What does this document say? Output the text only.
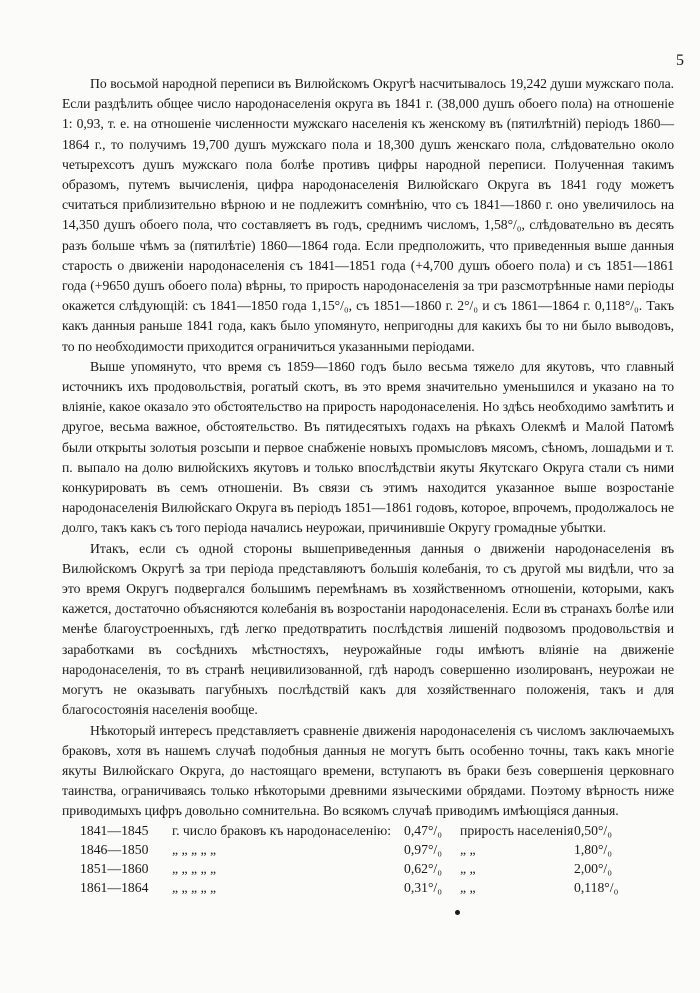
5

По восьмой народной переписи въ Вилюйскомъ Округѣ насчитывалось 19,242 души мужскаго пола. Если раздѣлить общее число народонаселенія округа въ 1841 г. (38,000 душъ обоего пола) на отношеніе 1: 0,93, т. е. на отношеніе численности мужскаго населенія къ женскому въ (пятилѣтній) періодъ 1860—1864 г., то получимъ 19,700 душъ мужскаго пола и 18,300 душъ женскаго пола, слѣдовательно около четырехсотъ душъ мужскаго пола болѣе противъ цифры народной переписи. Полученная такимъ образомъ, путемъ вычисленія, цифра народонаселенія Вилюйскаго Округа въ 1841 году можетъ считаться приблизительно вѣрною и не подлежитъ сомнѣнію, что съ 1841—1860 г. оно увеличилось на 14,350 душъ обоего пола, что составляетъ въ годъ, среднимъ числомъ, 1,58°/₀, слѣдовательно въ десять разъ больше чѣмъ за (пятилѣтіе) 1860—1864 года. Если предположить, что приведенныя выше данныя старость о движеніи народонаселенія съ 1841—1851 года (+4,700 душъ обоего пола) и съ 1851—1861 года (+9650 душъ обоего пола) вѣрны, то прирость народонаселенія за три разсмотрѣнные нами періоды окажется слѣдующій: съ 1841—1850 года 1,15°/₀, съ 1851—1860 г. 2°/₀ и съ 1861—1864 г. 0,118°/₀. Такъ какъ данныя раньше 1841 года, какъ было упомянуто, непригодны для какихъ бы то ни было выводовъ, то по необходимости приходится ограничиться указанными періодами.

Выше упомянуто, что время съ 1859—1860 годъ было весьма тяжело для якутовъ, что главный источникъ ихъ продовольствія, рогатый скотъ, въ это время значительно уменьшился и указано на то вліяніе, какое оказало это обстоятельство на прирость народонаселенія. Но здѣсь необходимо замѣтить и другое, весьма важное, обстоятельство. Въ пятидесятыхъ годахъ на рѣкахъ Олекмѣ и Малой Патомѣ были открыты золотыя розсыпи и первое снабженіе новыхъ промысловъ мясомъ, сѣномъ, лошадьми и т. п. выпало на долю вилюйскихъ якутовъ и только впослѣдствіи якуты Якутскаго Округа стали съ ними конкурировать въ семъ отношеніи. Въ связи съ этимъ находится указанное выше возростаніе народонаселенія Вилюйскаго Округа въ періодъ 1851—1861 годовъ, которое, впрочемъ, продолжалось не долго, такъ какъ съ того періода начались неурожаи, причинившіе Округу громадные убытки.

Итакъ, если съ одной стороны вышеприведенныя данныя о движеніи народонаселенія въ Вилюйскомъ Округѣ за три періода представляютъ большія колебанія, то съ другой мы видѣли, что за это время Округъ подвергался большимъ перемѣнамъ въ хозяйственномъ отношеніи, которыми, какъ кажется, достаточно объясняются колебанія въ возростаніи народонаселенія. Если въ странахъ болѣе или менѣе благоустроенныхъ, гдѣ легко предотвратить послѣдствія лишеній подвозомъ продовольствія и заработками въ сосѣднихъ мѣстностяхъ, неурожайные годы имѣютъ вліяніе на движеніе народонаселенія, то въ странѣ нецивилизованной, гдѣ народъ совершенно изолированъ, неурожаи не могутъ не оказывать пагубныхъ послѣдствій какъ для хозяйственнаго положенія, такъ и для благосостоянія населенія вообще.

Нѣкоторый интересъ представляетъ сравненіе движенія народонаселенія съ числомъ заключаемыхъ браковъ, хотя въ нашемъ случаѣ подобныя данныя не могутъ быть особенно точны, такъ какъ многіе якуты Вилюйскаго Округа, до настоящаго времени, вступаютъ въ браки безъ совершенія церковнаго таинства, ограничиваясь только нѣкоторыми древними языческими обрядами. Поэтому вѣрность ниже приводимыхъ цифръ довольно сомнительна. Во всякомъ случаѣ приводимъ имѣющіяся данныя.

1841—1845	г. число браковъ къ народонаселенію:	0,47°/₀	прирость населенія	0,50°/₀
1846—1850	„ „ „ „ „	0,97°/₀	„ „	1,80°/₀
1851—1860	„ „ „ „ „	0,62°/₀	„ „	2,00°/₀
1861—1864	„ „ „ „ „	0,31°/₀	„ „	0,118°/₀
